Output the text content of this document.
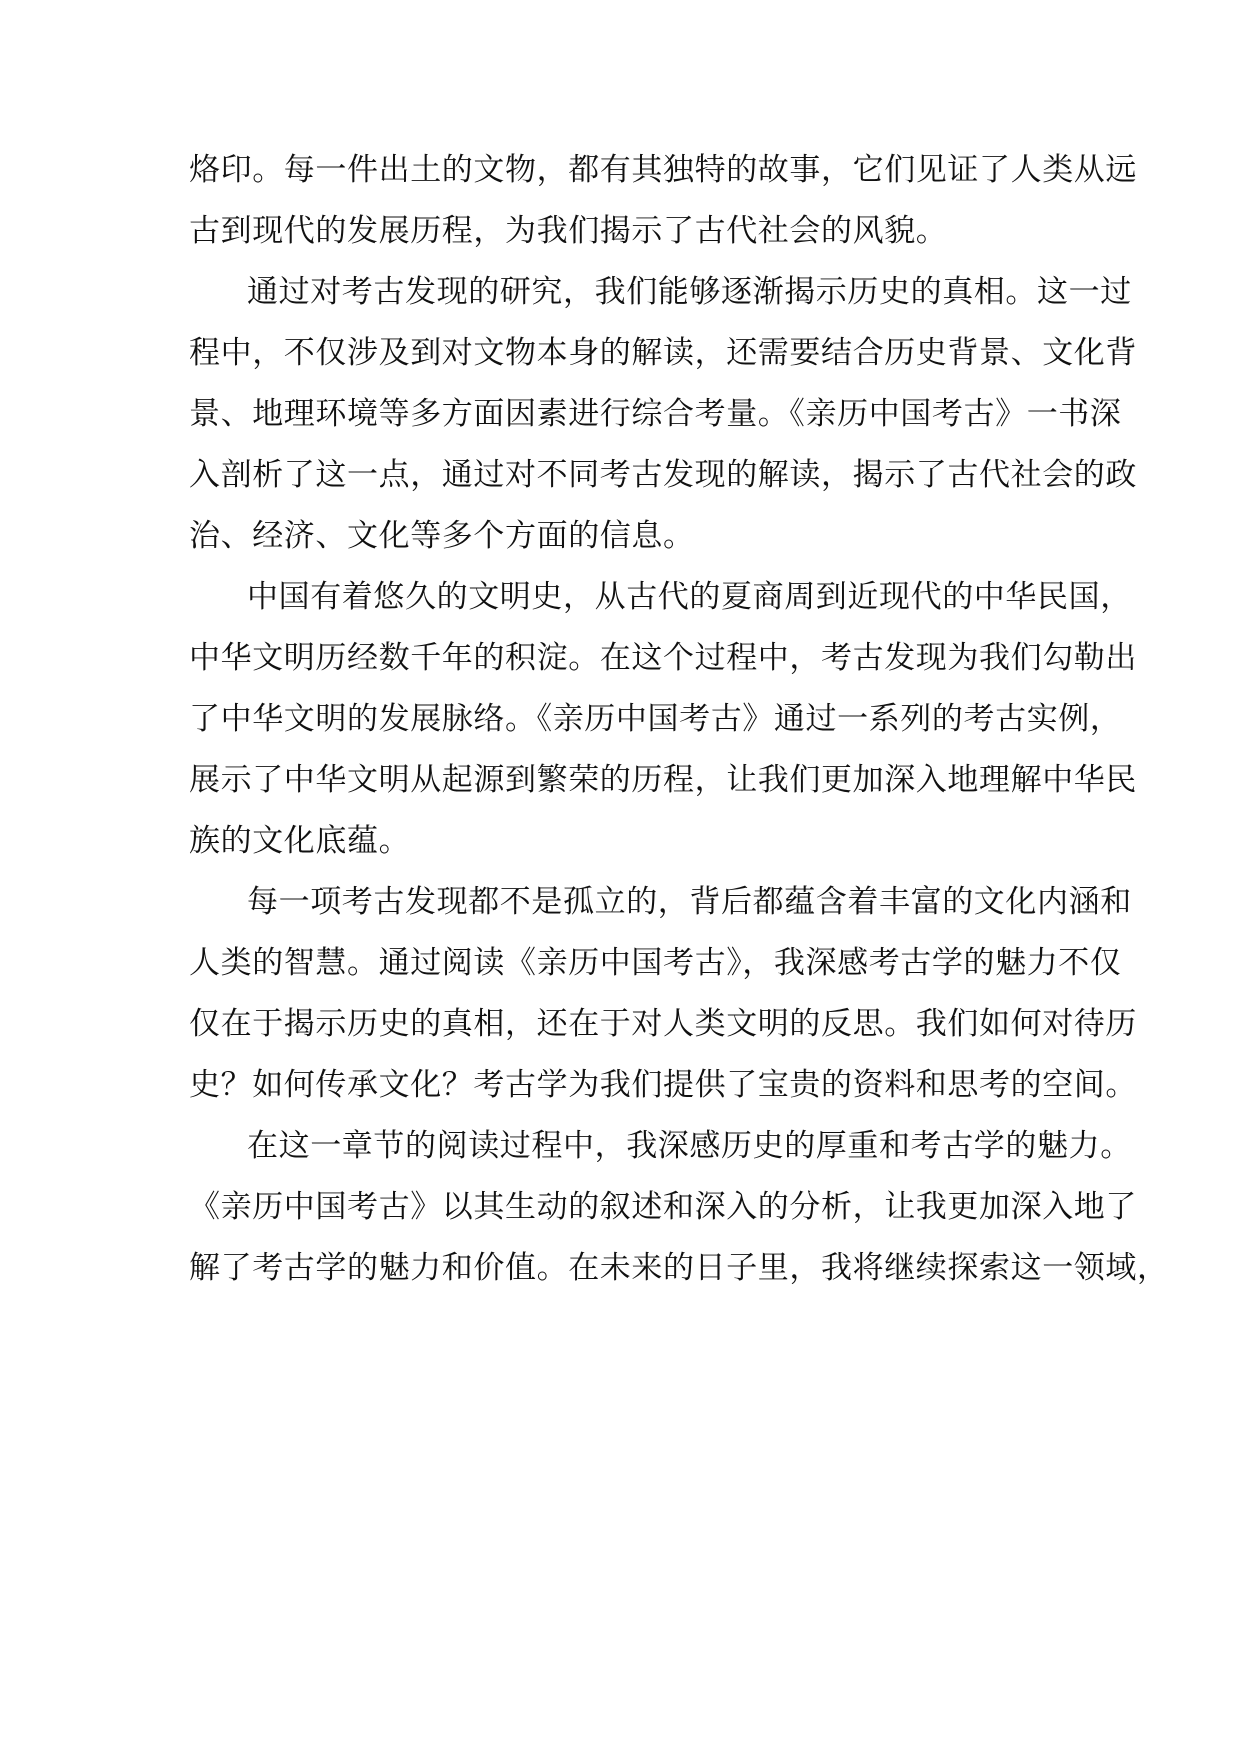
烙印。每一件出土的文物，都有其独特的故事，它们见证了人类从远
古到现代的发展历程，为我们揭示了古代社会的风貌。
通过对考古发现的研究，我们能够逐渐揭示历史的真相。这一过
程中，不仅涉及到对文物本身的解读，还需要结合历史背景、文化背
景、地理环境等多方面因素进行综合考量。《亲历中国考古》一书深
入剖析了这一点，通过对不同考古发现的解读，揭示了古代社会的政
治、经济、文化等多个方面的信息。
中国有着悠久的文明史，从古代的夏商周到近现代的中华民国，
中华文明历经数千年的积淀。在这个过程中，考古发现为我们勾勒出
了中华文明的发展脉络。《亲历中国考古》通过一系列的考古实例，
展示了中华文明从起源到繁荣的历程，让我们更加深入地理解中华民
族的文化底蕴。
每一项考古发现都不是孤立的，背后都蕴含着丰富的文化内涵和
人类的智慧。通过阅读《亲历中国考古》，我深感考古学的魅力不仅
仅在于揭示历史的真相，还在于对人类文明的反思。我们如何对待历
史？如何传承文化？考古学为我们提供了宝贵的资料和思考的空间。
在这一章节的阅读过程中，我深感历史的厚重和考古学的魅力。
《亲历中国考古》以其生动的叙述和深入的分析，让我更加深入地了
解了考古学的魅力和价值。在未来的日子里，我将继续探索这一领域，
